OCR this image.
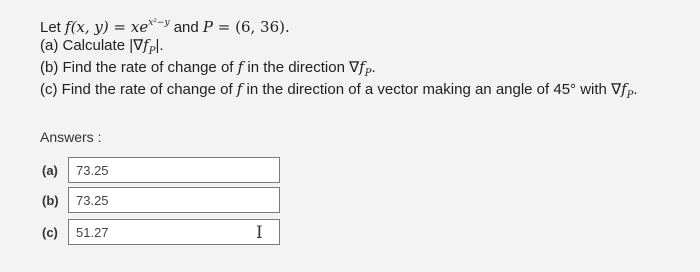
Let f(x, $y) = xe^{x^2-y}$ and P = (6, 36).
(a) Calculate $|\nabla f_P|$.
(b) Find the rate of change of f in the direction $\nabla f_P$.
(c) Find the rate of change of f in the direction of a vector making an angle of 45° with $\nabla f_P$.
Answers :
(a)	73.25
(b)	73.25
(c)	51.27	I
